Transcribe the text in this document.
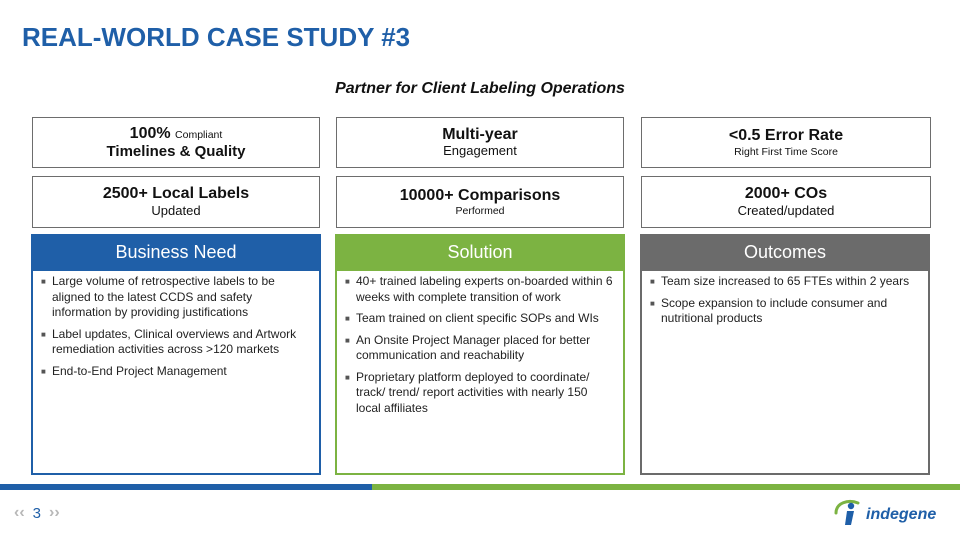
REAL-WORLD CASE STUDY #3
Partner for Client Labeling Operations
100% Compliant
Timelines & Quality
Multi-year
Engagement
<0.5 Error Rate
Right First Time Score
2500+ Local Labels
Updated
10000+ Comparisons
Performed
2000+ COs
Created/updated
Business Need
■ Large volume of retrospective labels to be aligned to the latest CCDS and safety information by providing justifications
■ Label updates, Clinical overviews and Artwork remediation activities across >120 markets
■ End-to-End Project Management
Solution
■ 40+ trained labeling experts on-boarded within 6 weeks with complete transition of work
■ Team trained on client specific SOPs and WIs
■ An Onsite Project Manager placed for better communication and reachability
■ Proprietary platform deployed to coordinate/ track/ trend/ report activities with nearly 150 local affiliates
Outcomes
■ Team size increased to 65 FTEs within 2 years
■ Scope expansion to include consumer and nutritional products
‹‹ 3 ››	indegene
